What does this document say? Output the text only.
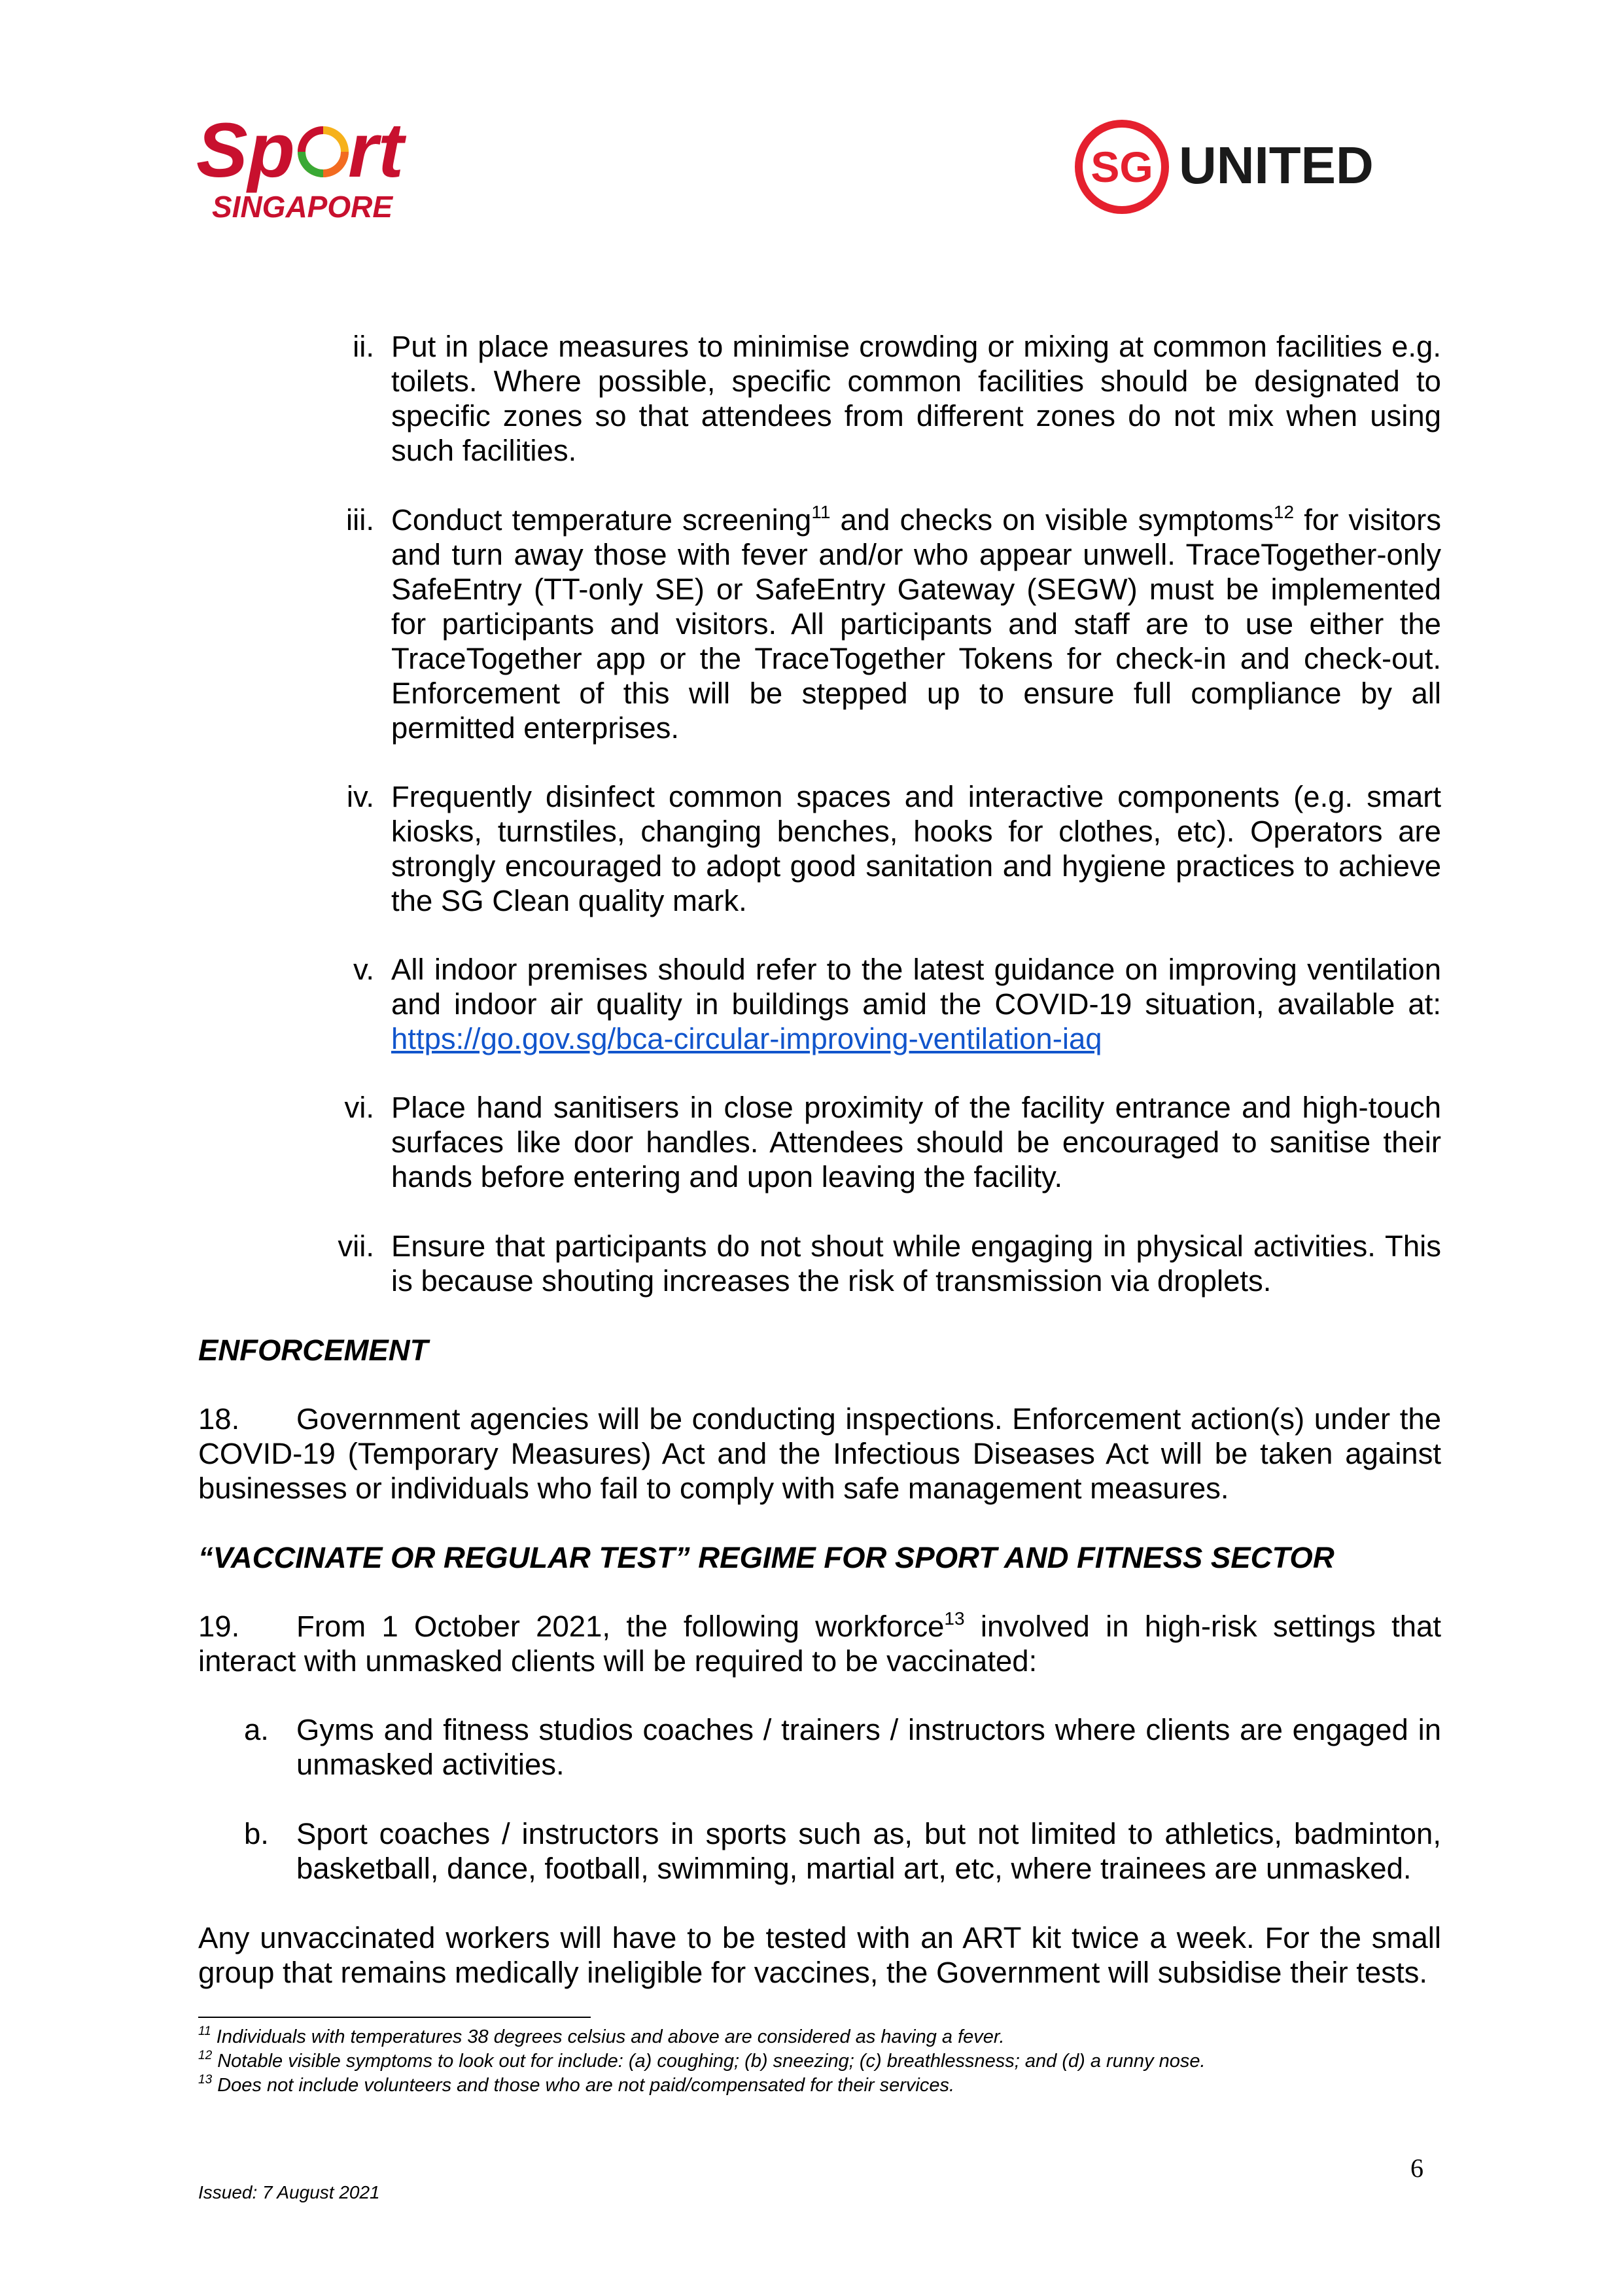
Sp rt
SINGAPORE
SG UNITED
ii. Put in place measures to minimise crowding or mixing at common facilities e.g. toilets. Where possible, specific common facilities should be designated to specific zones so that attendees from different zones do not mix when using such facilities.
iii. Conduct temperature screening$^{11}$ and checks on visible symptoms$^{12}$ for visitors and turn away those with fever and/or who appear unwell. TraceTogether-only SafeEntry (TT-only SE) or SafeEntry Gateway (SEGW) must be implemented for participants and visitors. All participants and staff are to use either the TraceTogether app or the TraceTogether Tokens for check-in and check-out. Enforcement of this will be stepped up to ensure full compliance by all permitted enterprises.
iv. Frequently disinfect common spaces and interactive components (e.g. smart kiosks, turnstiles, changing benches, hooks for clothes, etc). Operators are strongly encouraged to adopt good sanitation and hygiene practices to achieve the SG Clean quality mark.
v. All indoor premises should refer to the latest guidance on improving ventilation and indoor air quality in buildings amid the COVID-19 situation, available at: https://go.gov.sg/bca-circular-improving-ventilation-iaq
vi. Place hand sanitisers in close proximity of the facility entrance and high-touch surfaces like door handles. Attendees should be encouraged to sanitise their hands before entering and upon leaving the facility.
vii. Ensure that participants do not shout while engaging in physical activities. This is because shouting increases the risk of transmission via droplets.
ENFORCEMENT
18. Government agencies will be conducting inspections. Enforcement action(s) under the COVID-19 (Temporary Measures) Act and the Infectious Diseases Act will be taken against businesses or individuals who fail to comply with safe management measures.
“VACCINATE OR REGULAR TEST” REGIME FOR SPORT AND FITNESS SECTOR
19. From 1 October 2021, the following workforce$^{13}$ involved in high-risk settings that interact with unmasked clients will be required to be vaccinated:
a. Gyms and fitness studios coaches / trainers / instructors where clients are engaged in unmasked activities.
b. Sport coaches / instructors in sports such as, but not limited to athletics, badminton, basketball, dance, football, swimming, martial art, etc, where trainees are unmasked.
Any unvaccinated workers will have to be tested with an ART kit twice a week. For the small group that remains medically ineligible for vaccines, the Government will subsidise their tests.
$^{11}$ Individuals with temperatures 38 degrees celsius and above are considered as having a fever.
$^{12}$ Notable visible symptoms to look out for include: (a) coughing; (b) sneezing; (c) breathlessness; and (d) a runny nose.
$^{13}$ Does not include volunteers and those who are not paid/compensated for their services.
6
Issued: 7 August 2021
